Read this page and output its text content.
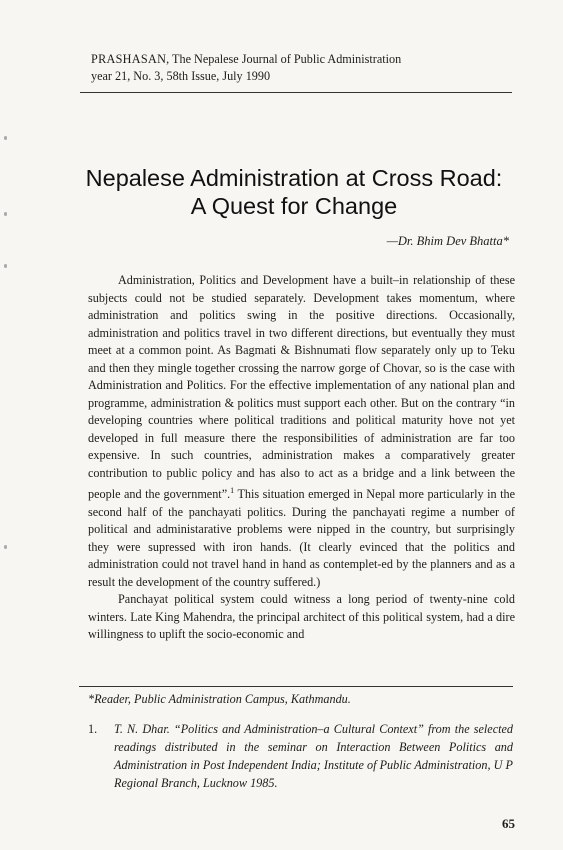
PRASHASAN, The Nepalese Journal of Public Administration
year 21, No. 3, 58th Issue, July 1990
Nepalese Administration at Cross Road:
A Quest for Change
—Dr. Bhim Dev Bhatta*

Administration, Politics and Development have a built–in relationship of these subjects could not be studied separately. Development takes momentum, where administration and politics swing in the positive directions. Occasionally, administration and politics travel in two different directions, but eventually they must meet at a common point. As Bagmati & Bishnumati flow separately only up to Teku and then they mingle together crossing the narrow gorge of Chovar, so is the case with Administration and Politics. For the effective implementation of any national plan and programme, administration & politics must support each other. But on the contrary “in developing countries where political traditions and political maturity hove not yet developed in full measure there the responsibilities of administration are far too expensive. In such countries, administration makes a comparatively greater contribution to public policy and has also to act as a bridge and a link between the people and the government”.$^1$ This situation emerged in Nepal more particularly in the second half of the panchayati politics. During the panchayati regime a number of political and administarative problems were nipped in the country, but surprisingly they were supressed with iron hands. (It clearly evinced that the politics and administration could not travel hand in hand as contemplet-ed by the planners and as a result the development of the country suffered.)

Panchayat political system could witness a long period of twenty-nine cold winters. Late King Mahendra, the principal architect of this political system, had a dire willingness to uplift the socio-economic and

*Reader, Public Administration Campus, Kathmandu.
1. T. N. Dhar. “Politics and Administration–a Cultural Context” from the selected readings distributed in the seminar on Interaction Between Politics and Administration in Post Independent India; Institute of Public Administration, U P Regional Branch, Lucknow 1985.
65
